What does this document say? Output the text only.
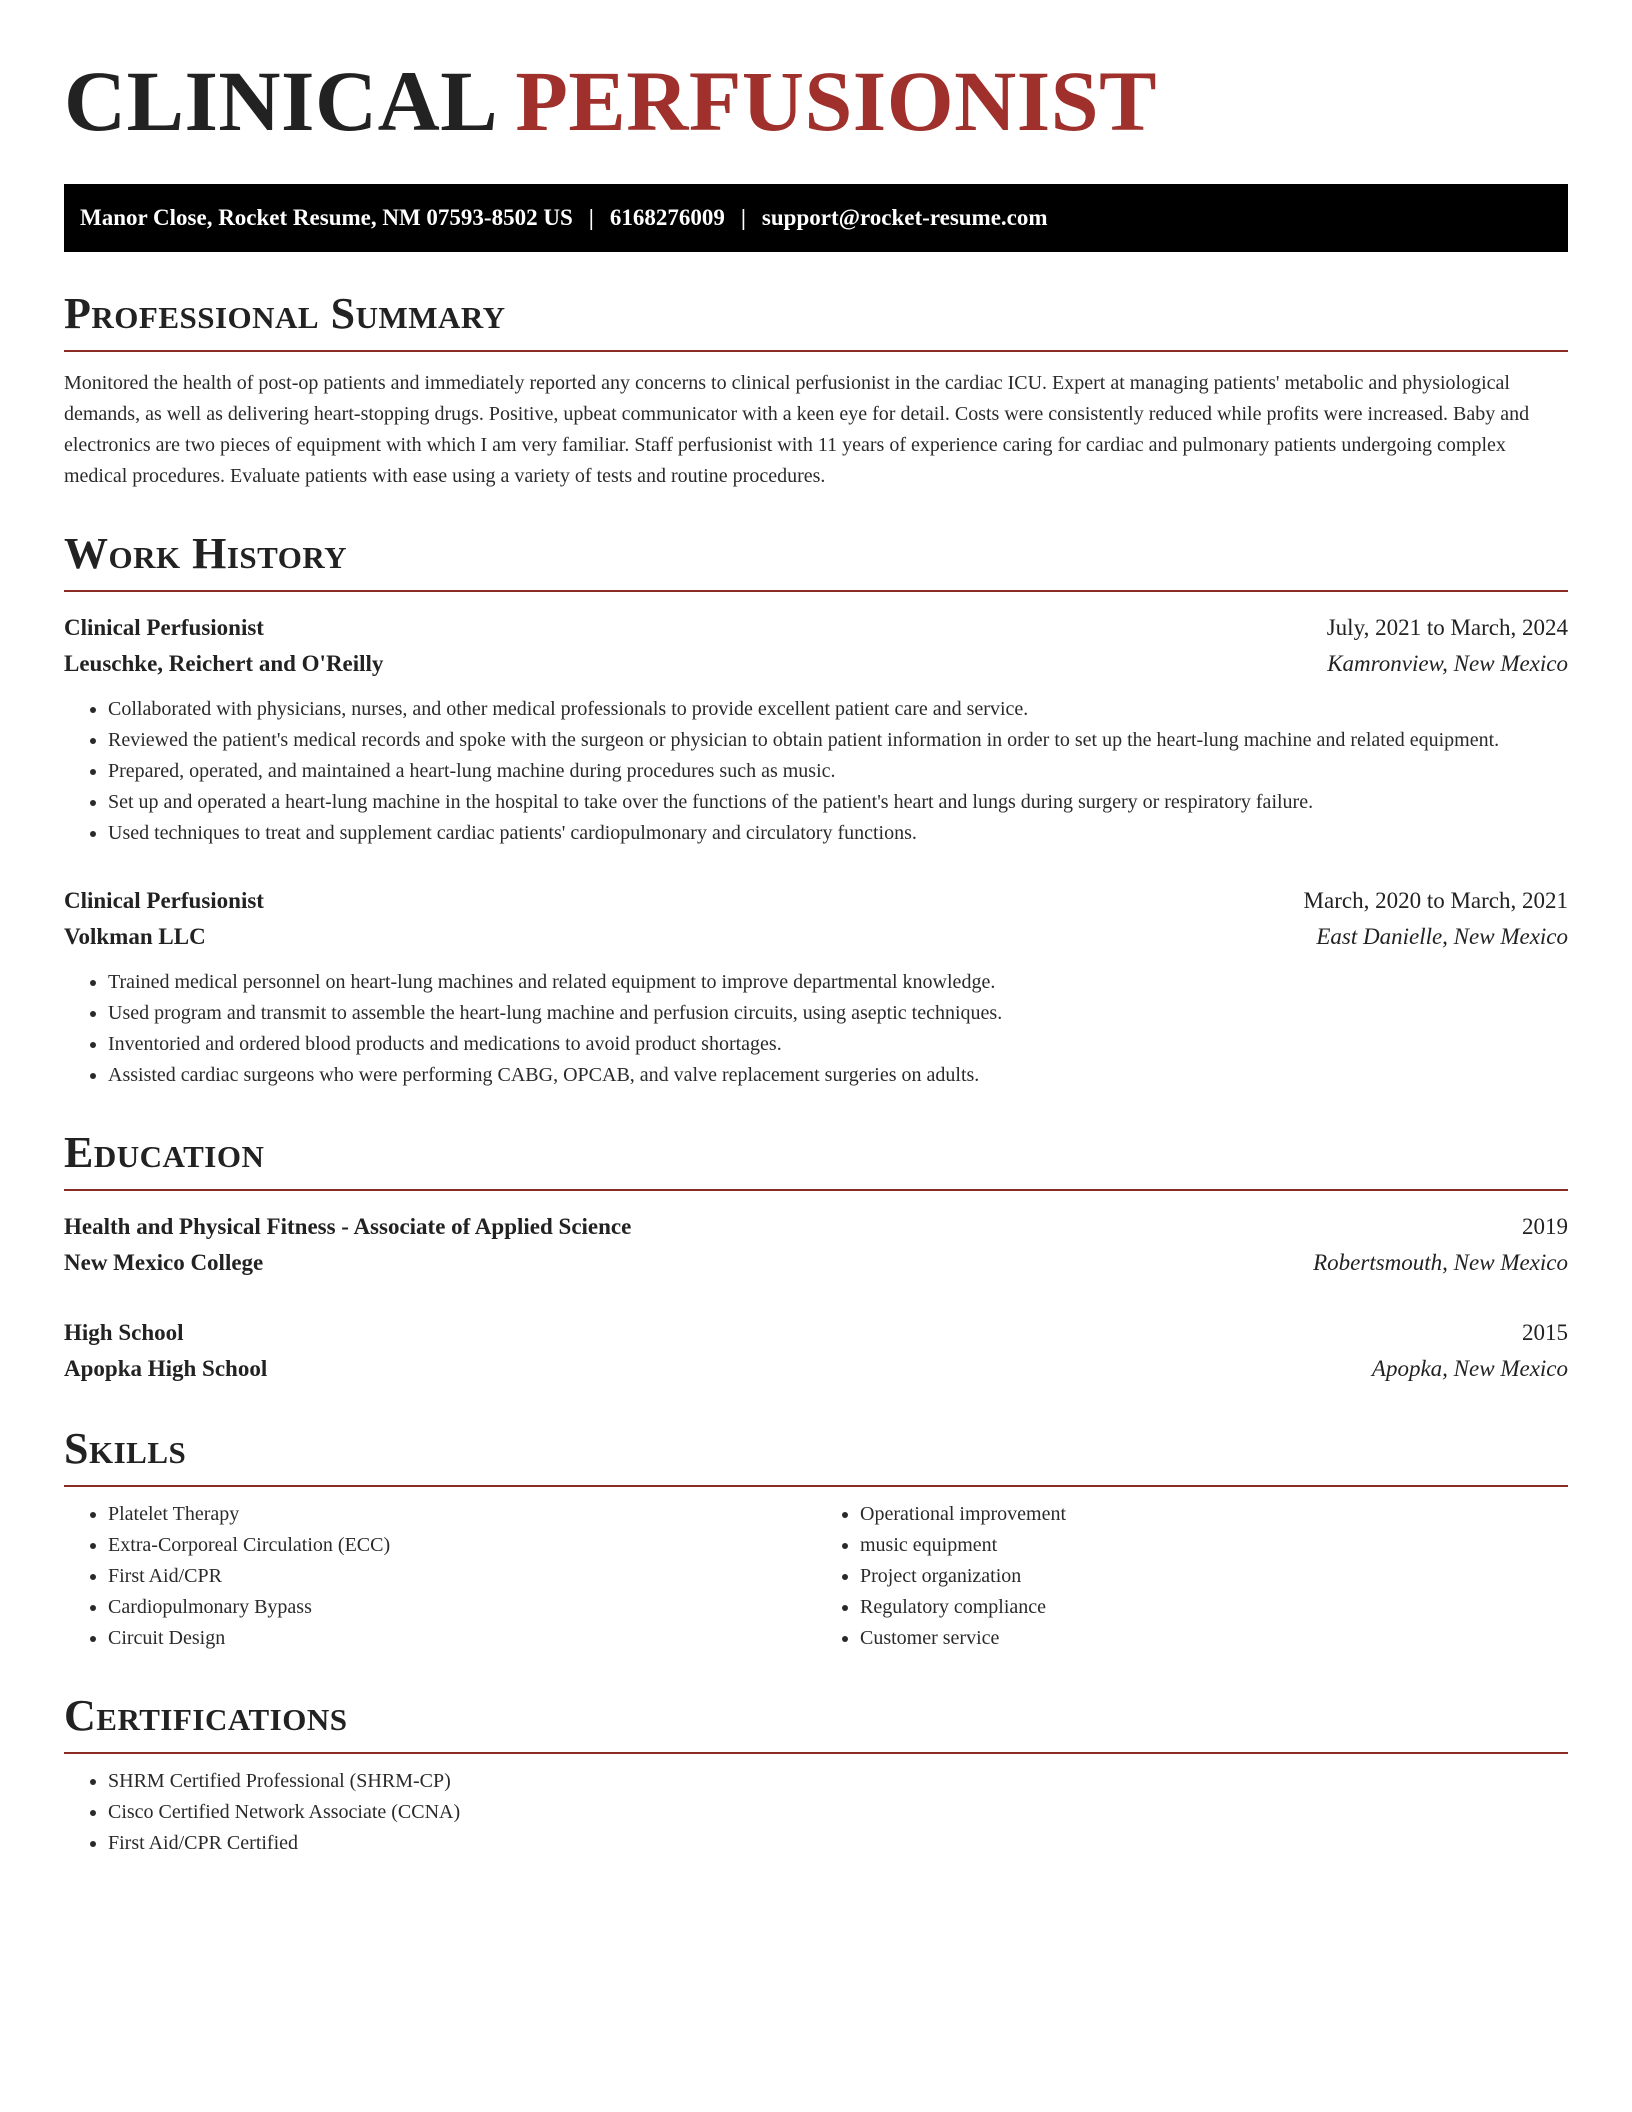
CLINICAL PERFUSIONIST
Manor Close, Rocket Resume, NM 07593-8502 US | 6168276009 | support@rocket-resume.com
Professional Summary

Monitored the health of post-op patients and immediately reported any concerns to clinical perfusionist in the cardiac ICU. Expert at managing patients' metabolic and physiological demands, as well as delivering heart-stopping drugs. Positive, upbeat communicator with a keen eye for detail. Costs were consistently reduced while profits were increased. Baby and electronics are two pieces of equipment with which I am very familiar. Staff perfusionist with 11 years of experience caring for cardiac and pulmonary patients undergoing complex medical procedures. Evaluate patients with ease using a variety of tests and routine procedures.

Work History
Clinical Perfusionist	July, 2021 to March, 2024
Leuschke, Reichert and O'Reilly	Kamronview, New Mexico
• Collaborated with physicians, nurses, and other medical professionals to provide excellent patient care and service.
• Reviewed the patient's medical records and spoke with the surgeon or physician to obtain patient information in order to set up the heart-lung machine and related equipment.
• Prepared, operated, and maintained a heart-lung machine during procedures such as music.
• Set up and operated a heart-lung machine in the hospital to take over the functions of the patient's heart and lungs during surgery or respiratory failure.
• Used techniques to treat and supplement cardiac patients' cardiopulmonary and circulatory functions.
Clinical Perfusionist	March, 2020 to March, 2021
Volkman LLC	East Danielle, New Mexico
• Trained medical personnel on heart-lung machines and related equipment to improve departmental knowledge.
• Used program and transmit to assemble the heart-lung machine and perfusion circuits, using aseptic techniques.
• Inventoried and ordered blood products and medications to avoid product shortages.
• Assisted cardiac surgeons who were performing CABG, OPCAB, and valve replacement surgeries on adults.
Education
Health and Physical Fitness - Associate of Applied Science	2019
New Mexico College	Robertsmouth, New Mexico
High School	2015
Apopka High School	Apopka, New Mexico
Skills
• Platelet Therapy
• Extra-Corporeal Circulation (ECC)
• First Aid/CPR
• Cardiopulmonary Bypass
• Circuit Design
• Operational improvement
• music equipment
• Project organization
• Regulatory compliance
• Customer service
Certifications
• SHRM Certified Professional (SHRM-CP)
• Cisco Certified Network Associate (CCNA)
• First Aid/CPR Certified
